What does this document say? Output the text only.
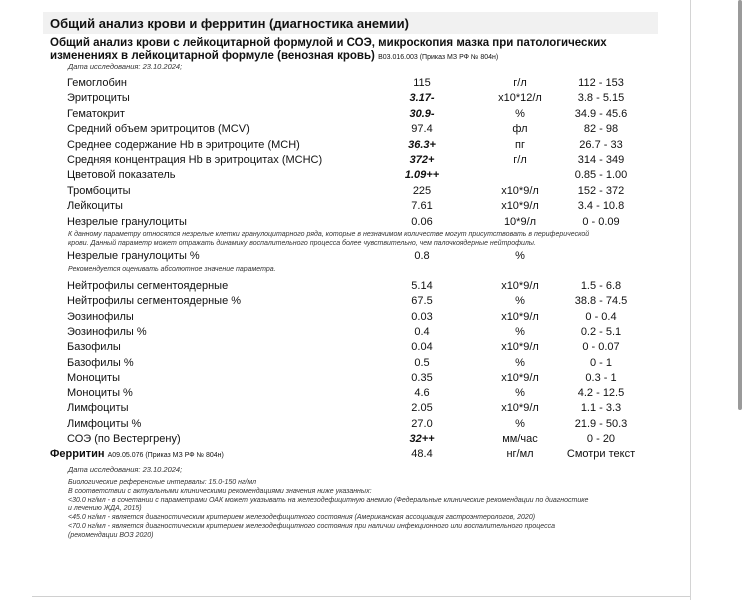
Общий анализ крови и ферритин (диагностика анемии)
Общий анализ крови с лейкоцитарной формулой и СОЭ, микроскопия мазка при патологических изменениях в лейкоцитарной формуле (венозная кровь) B03.016.003 (Приказ МЗ РФ № 804н)
Дата исследования: 23.10.2024;
Гемоглобин	115	г/л	112 - 153
Эритроциты	3.17-	x10*12/л	3.8 - 5.15
Гематокрит	30.9-	%	34.9 - 45.6
Средний объем эритроцитов (MCV)	97.4	фл	82 - 98
Среднее содержание Hb в эритроците (MCH)	36.3+	пг	26.7 - 33
Средняя концентрация Hb в эритроцитах (MCHC)	372+	г/л	314 - 349
Цветовой показатель	1.09++	0.85 - 1.00
Тромбоциты	225	x10*9/л	152 - 372
Лейкоциты	7.61	x10*9/л	3.4 - 10.8
Незрелые гранулоциты	0.06	10*9/л	0 - 0.09
К данному параметру относятся незрелые клетки гранулоцитарного ряда, которые в незначимом количестве могут присутствовать в периферической
крови. Данный параметр может отражать динамику воспалительного процесса более чувствительно, чем палочкоядерные нейтрофилы.
Незрелые гранулоциты %	0.8	%
Рекомендуется оценивать абсолютное значение параметра.
Нейтрофилы сегментоядерные	5.14	x10*9/л	1.5 - 6.8
Нейтрофилы сегментоядерные %	67.5	%	38.8 - 74.5
Эозинофилы	0.03	x10*9/л	0 - 0.4
Эозинофилы %	0.4	%	0.2 - 5.1
Базофилы	0.04	x10*9/л	0 - 0.07
Базофилы %	0.5	%	0 - 1
Моноциты	0.35	x10*9/л	0.3 - 1
Моноциты %	4.6	%	4.2 - 12.5
Лимфоциты	2.05	x10*9/л	1.1 - 3.3
Лимфоциты %	27.0	%	21.9 - 50.3
СОЭ (по Вестергрену)	32++	мм/час	0 - 20
Ферритин A09.05.076 (Приказ МЗ РФ № 804н)	48.4	нг/мл	Смотри текст
Дата исследования: 23.10.2024;
Биологические референсные интервалы: 15.0-150 нг/мл
В соответствии с актуальными клиническими рекомендациями значения ниже указанных:
<30.0 нг/мл - в сочетании с параметрами ОАК может указывать на железодефицитную анемию (Федеральные клинические рекомендации по диагностике
и лечению ЖДА, 2015)
<45.0 нг/мл - является диагностическим критерием железодефицитного состояния (Американская ассоциация гастроэнтерологов, 2020)
<70.0 нг/мл - является диагностическим критерием железодефицитного состояния при наличии инфекционного или воспалительного процесса
(рекомендации ВОЗ 2020)
